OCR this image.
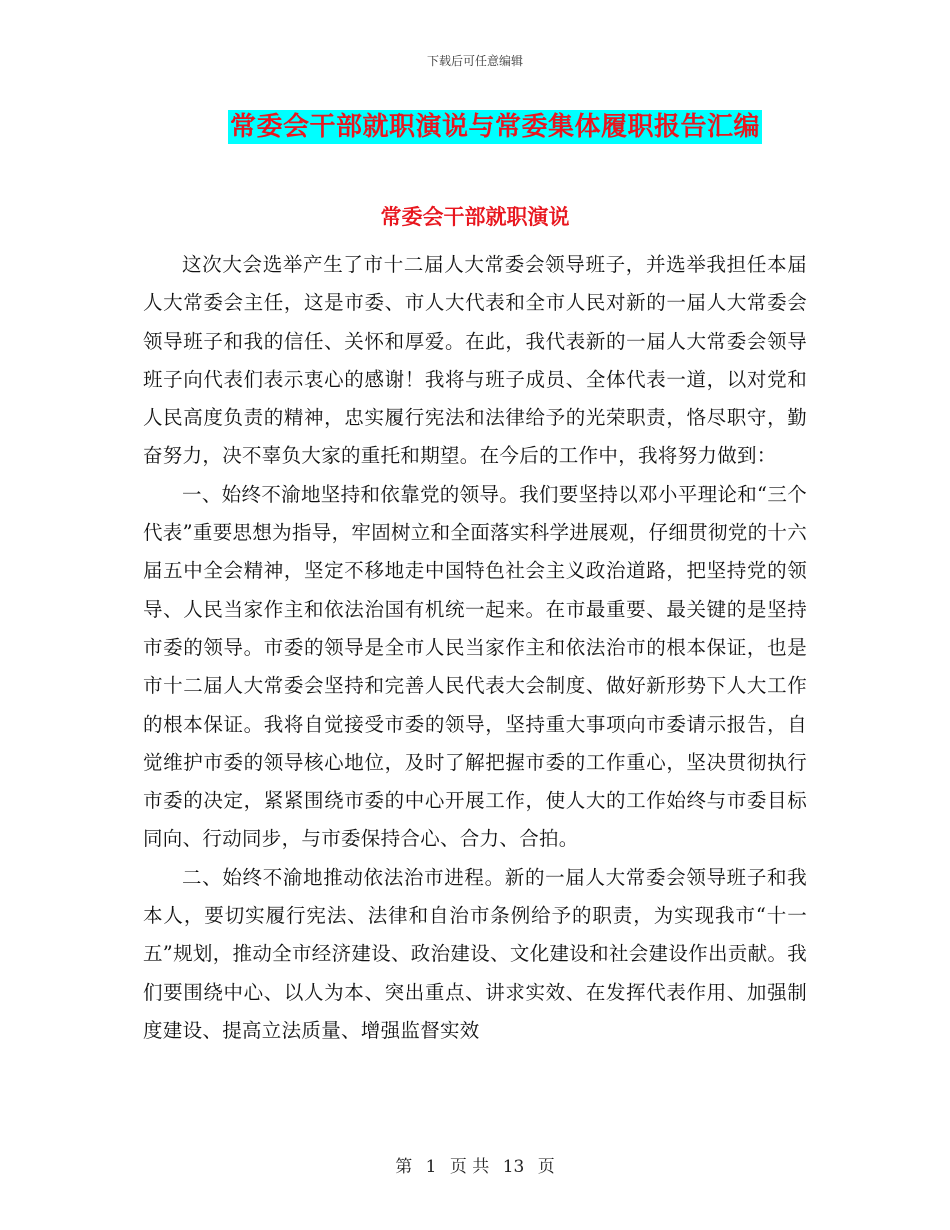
下载后可任意编辑
常委会干部就职演说与常委集体履职报告汇编
常委会干部就职演说

这次大会选举产生了市十二届人大常委会领导班子，并选举我担任本届人大常委会主任，这是市委、市人大代表和全市人民对新的一届人大常委会领导班子和我的信任、关怀和厚爱。在此，我代表新的一届人大常委会领导班子向代表们表示衷心的感谢！我将与班子成员、全体代表一道，以对党和人民高度负责的精神，忠实履行宪法和法律给予的光荣职责，恪尽职守，勤奋努力，决不辜负大家的重托和期望。在今后的工作中，我将努力做到：

一、始终不渝地坚持和依靠党的领导。我们要坚持以邓小平理论和“三个代表”重要思想为指导，牢固树立和全面落实科学进展观，仔细贯彻党的十六届五中全会精神，坚定不移地走中国特色社会主义政治道路，把坚持党的领导、人民当家作主和依法治国有机统一起来。在市最重要、最关键的是坚持市委的领导。市委的领导是全市人民当家作主和依法治市的根本保证，也是市十二届人大常委会坚持和完善人民代表大会制度、做好新形势下人大工作的根本保证。我将自觉接受市委的领导，坚持重大事项向市委请示报告，自觉维护市委的领导核心地位，及时了解把握市委的工作重心，坚决贯彻执行市委的决定，紧紧围绕市委的中心开展工作，使人大的工作始终与市委目标同向、行动同步，与市委保持合心、合力、合拍。

二、始终不渝地推动依法治市进程。新的一届人大常委会领导班子和我本人，要切实履行宪法、法律和自治市条例给予的职责，为实现我市“十一五”规划，推动全市经济建设、政治建设、文化建设和社会建设作出贡献。我们要围绕中心、以人为本、突出重点、讲求实效、在发挥代表作用、加强制度建设、提高立法质量、增强监督实效

第 1 页 共 13 页
